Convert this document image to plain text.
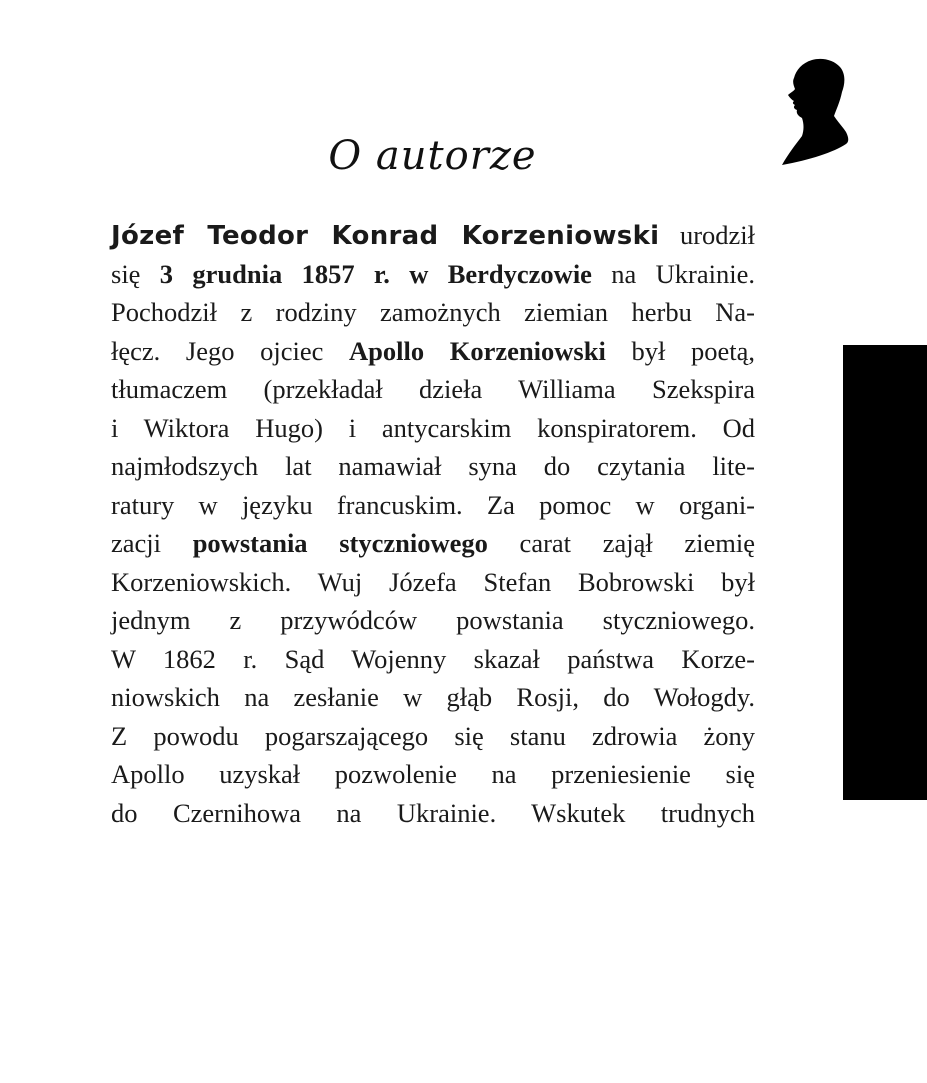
O autorze
Józef Teodor Konrad Korzeniowski urodził
się 3 grudnia 1857 r. w Berdyczowie na Ukrainie.
Pochodził z rodziny zamożnych ziemian herbu Na-
łęcz. Jego ojciec Apollo Korzeniowski był poetą,
tłumaczem (przekładał dzieła Williama Szekspira
i Wiktora Hugo) i antycarskim konspiratorem. Od
najmłodszych lat namawiał syna do czytania lite-
ratury w języku francuskim. Za pomoc w organi-
zacji powstania styczniowego carat zajął ziemię
Korzeniowskich. Wuj Józefa Stefan Bobrowski był
jednym z przywódców powstania styczniowego.
W 1862 r. Sąd Wojenny skazał państwa Korze-
niowskich na zesłanie w głąb Rosji, do Wołogdy.
Z powodu pogarszającego się stanu zdrowia żony
Apollo uzyskał pozwolenie na przeniesienie się
do Czernihowa na Ukrainie. Wskutek trudnych
AUTOR
